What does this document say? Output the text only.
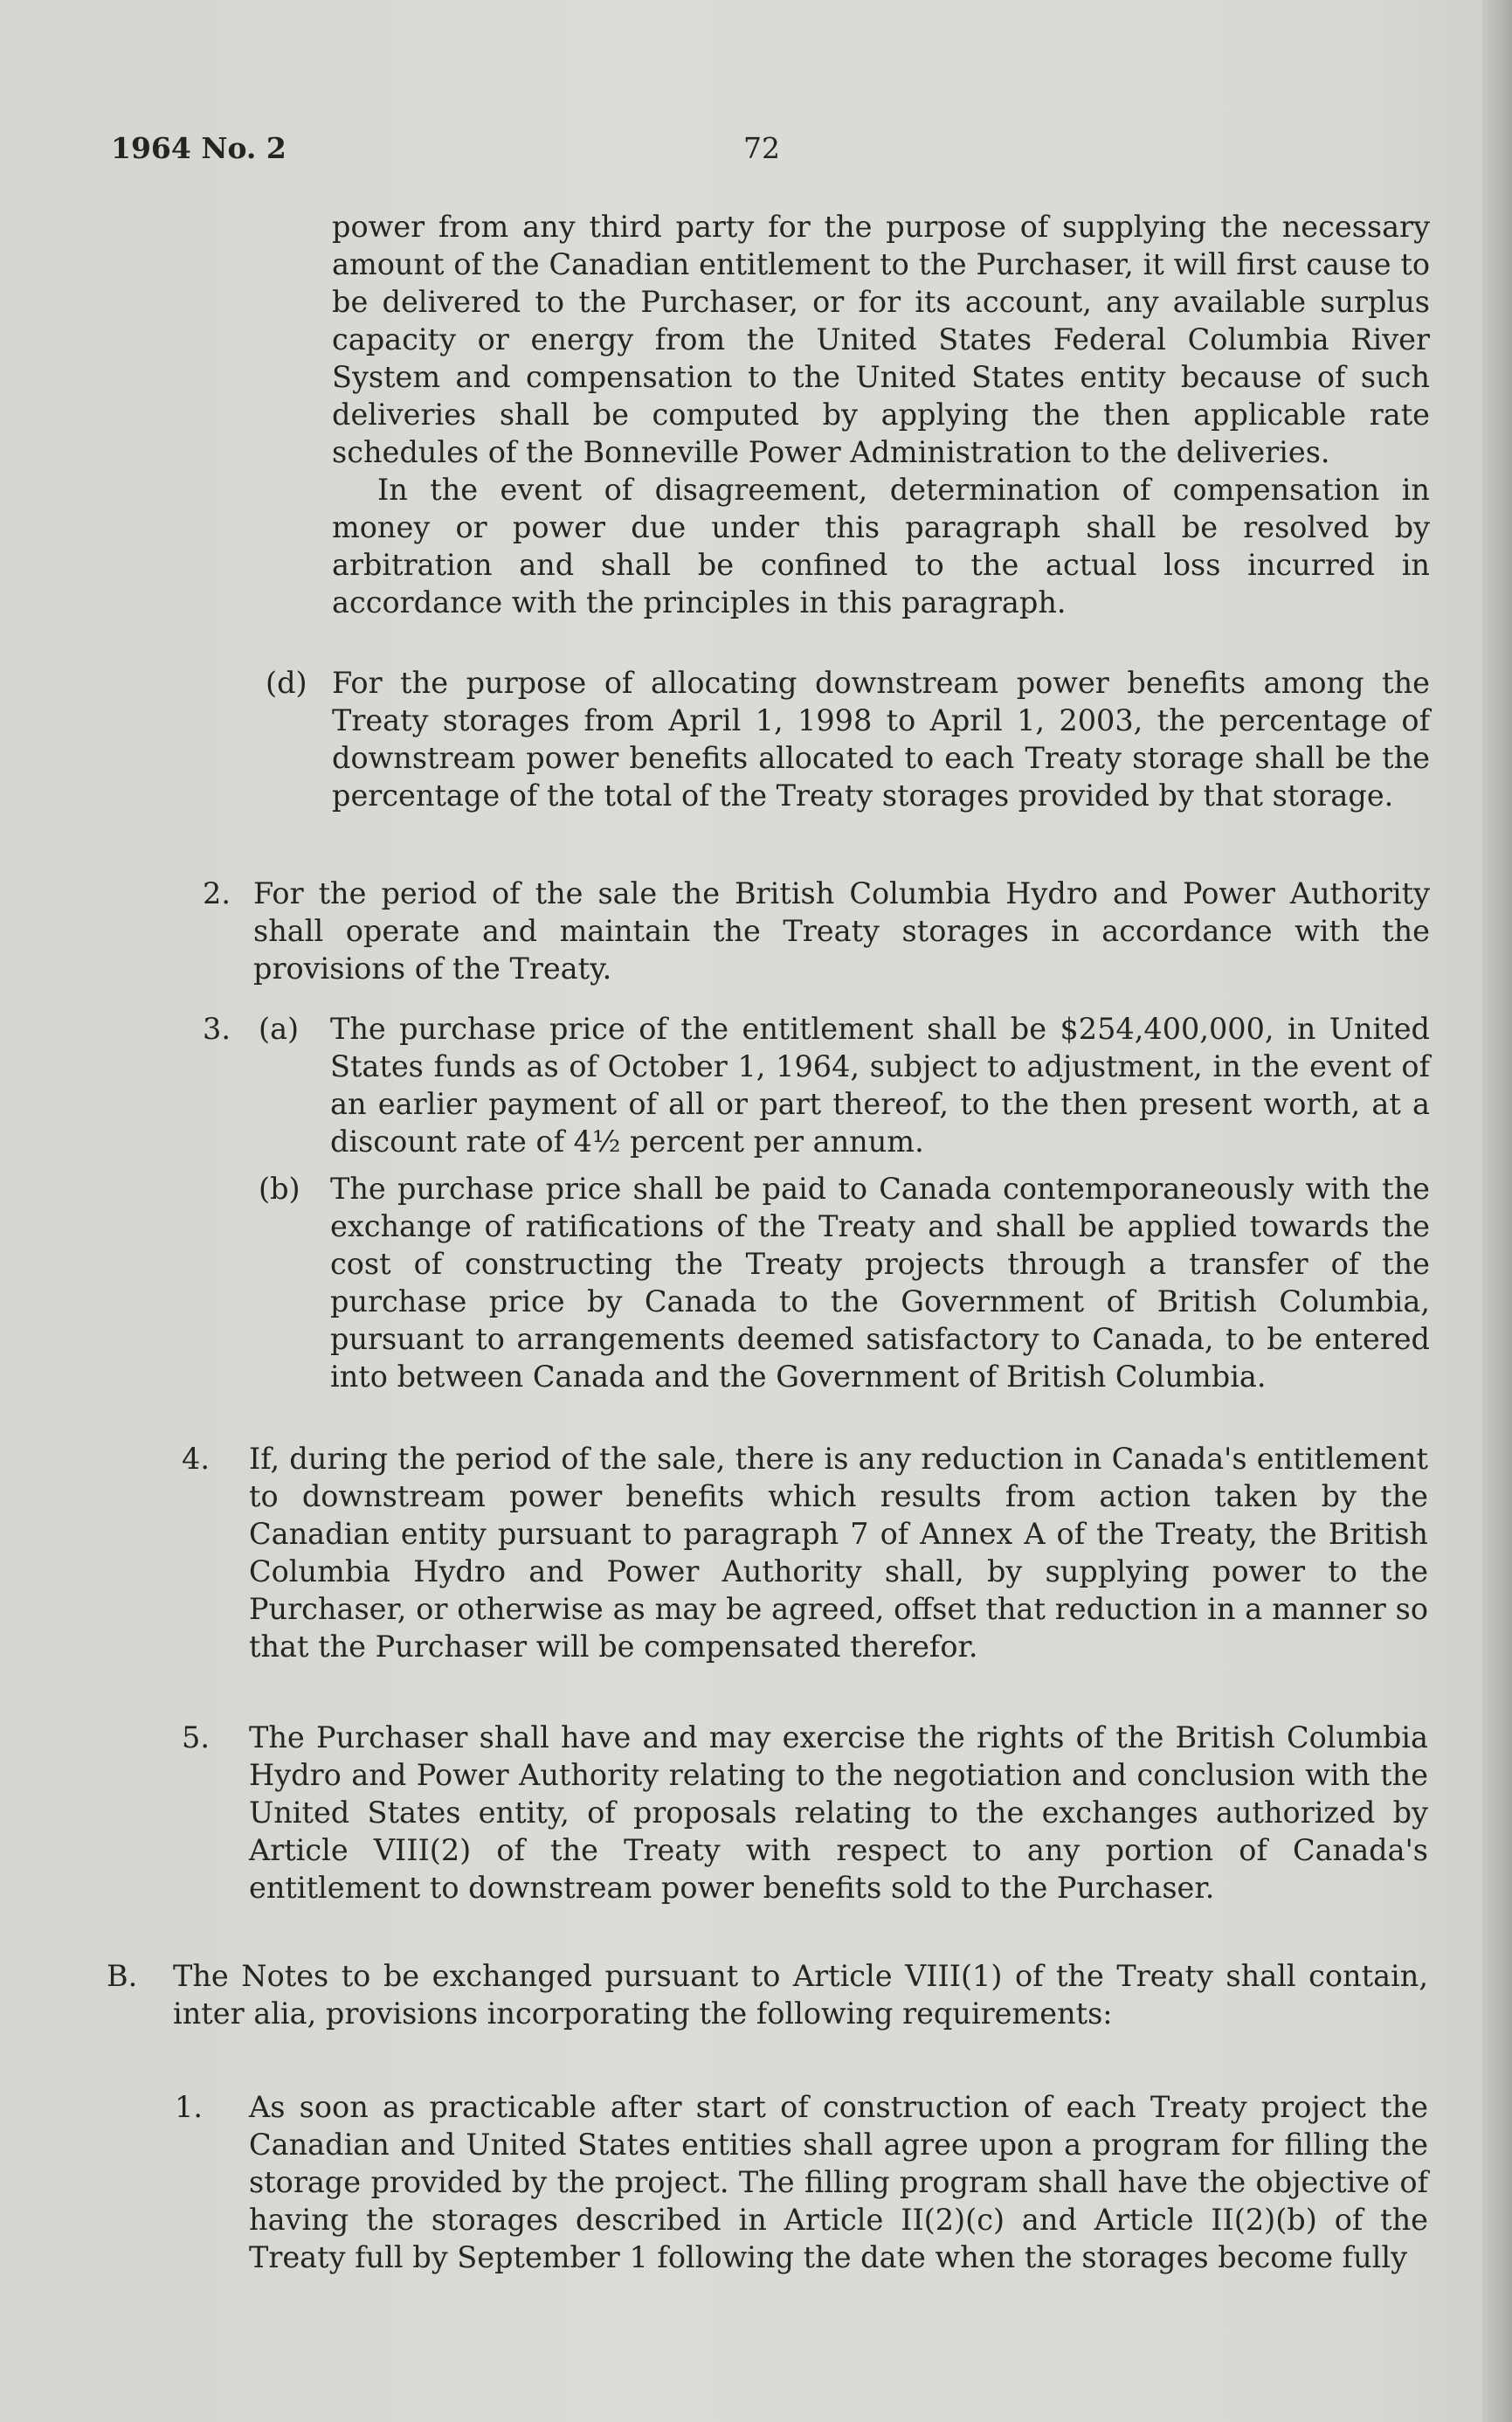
1964 No. 2	72

power from any third party for the purpose of supplying the necessary amount of the Canadian entitlement to the Purchaser, it will first cause to be delivered to the Purchaser, or for its account, any available surplus capacity or energy from the United States Federal Columbia River System and compensation to the United States entity because of such deliveries shall be computed by applying the then applicable rate schedules of the Bonneville Power Administration to the deliveries.

In the event of disagreement, determination of compensation in money or power due under this paragraph shall be resolved by arbitration and shall be confined to the actual loss incurred in accordance with the principles in this paragraph.

(d) For the purpose of allocating downstream power benefits among the Treaty storages from April 1, 1998 to April 1, 2003, the percentage of downstream power benefits allocated to each Treaty storage shall be the percentage of the total of the Treaty storages provided by that storage.

2. For the period of the sale the British Columbia Hydro and Power Authority shall operate and maintain the Treaty storages in accordance with the provisions of the Treaty.

3. (a) The purchase price of the entitlement shall be $254,400,000, in United States funds as of October 1, 1964, subject to adjustment, in the event of an earlier payment of all or part thereof, to the then present worth, at a discount rate of 4½ percent per annum.

(b) The purchase price shall be paid to Canada contemporaneously with the exchange of ratifications of the Treaty and shall be applied towards the cost of constructing the Treaty projects through a transfer of the purchase price by Canada to the Government of British Columbia, pursuant to arrangements deemed satisfactory to Canada, to be entered into between Canada and the Government of British Columbia.

4. If, during the period of the sale, there is any reduction in Canada's entitlement to downstream power benefits which results from action taken by the Canadian entity pursuant to paragraph 7 of Annex A of the Treaty, the British Columbia Hydro and Power Authority shall, by supplying power to the Purchaser, or otherwise as may be agreed, offset that reduction in a manner so that the Purchaser will be compensated therefor.

5. The Purchaser shall have and may exercise the rights of the British Columbia Hydro and Power Authority relating to the negotiation and conclusion with the United States entity, of proposals relating to the exchanges authorized by Article VIII(2) of the Treaty with respect to any portion of Canada's entitlement to downstream power benefits sold to the Purchaser.

B. The Notes to be exchanged pursuant to Article VIII(1) of the Treaty shall contain, inter alia, provisions incorporating the following requirements:

1. As soon as practicable after start of construction of each Treaty project the Canadian and United States entities shall agree upon a program for filling the storage provided by the project. The filling program shall have the objective of having the storages described in Article II(2)(c) and Article II(2)(b) of the Treaty full by September 1 following the date when the storages become fully
